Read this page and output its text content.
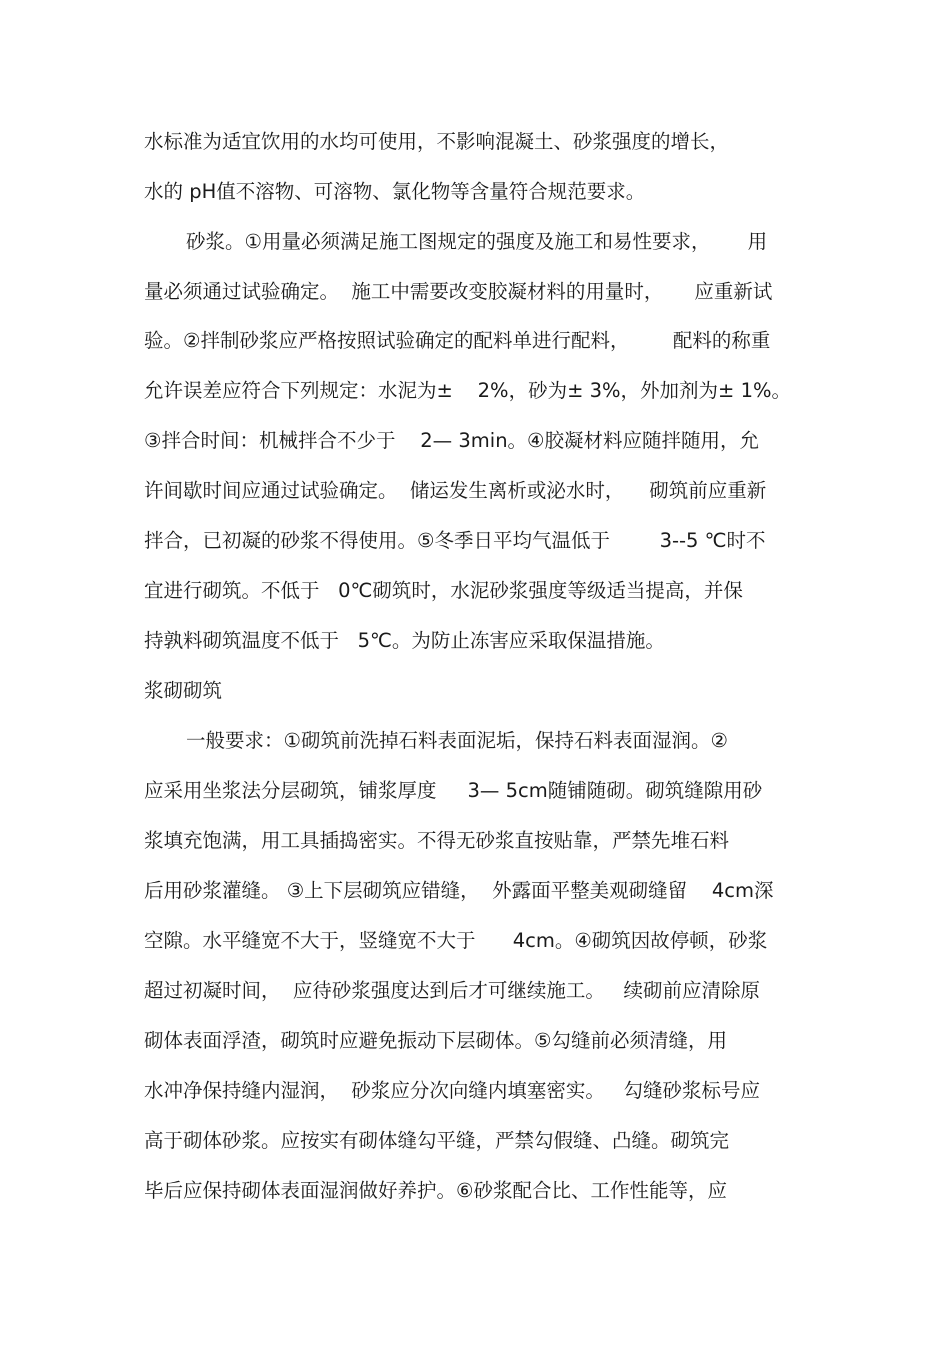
水标准为适宜饮用的水均可使用，不影响混凝土、砂浆强度的增长，
水的 pH值不溶物、可溶物、氯化物等含量符合规范要求。
砂浆。①用量必须满足施工图规定的强度及施工和易性要求，      用
量必须通过试验确定。  施工中需要改变胶凝材料的用量时，     应重新试
验。②拌制砂浆应严格按照试验确定的配料单进行配料，       配料的称重
允许误差应符合下列规定：水泥为±    2%，砂为± 3%，外加剂为± 1%。
③拌合时间：机械拌合不少于    2— 3min。④胶凝材料应随拌随用，允
许间歇时间应通过试验确定。  储运发生离析或泌水时，    砌筑前应重新
拌合，已初凝的砂浆不得使用。⑤冬季日平均气温低于        3--5 ℃时不
宜进行砌筑。不低于   0℃砌筑时，水泥砂浆强度等级适当提高，并保
持孰料砌筑温度不低于   5℃。为防止冻害应采取保温措施。
浆砌砌筑
一般要求：①砌筑前洗掉石料表面泥垢，保持石料表面湿润。②
应采用坐浆法分层砌筑，铺浆厚度     3— 5cm随铺随砌。砌筑缝隙用砂
浆填充饱满，用工具插捣密实。不得无砂浆直按贴靠，严禁先堆石料
后用砂浆灌缝。 ③上下层砌筑应错缝，  外露面平整美观砌缝留    4cm深
空隙。水平缝宽不大于，竖缝宽不大于      4cm。④砌筑因故停顿，砂浆
超过初凝时间，  应待砂浆强度达到后才可继续施工。   续砌前应清除原
砌体表面浮渣，砌筑时应避免振动下层砌体。⑤勾缝前必须清缝，用
水冲净保持缝内湿润，  砂浆应分次向缝内填塞密实。   勾缝砂浆标号应
高于砌体砂浆。应按实有砌体缝勾平缝，严禁勾假缝、凸缝。砌筑完
毕后应保持砌体表面湿润做好养护。⑥砂浆配合比、工作性能等，应
